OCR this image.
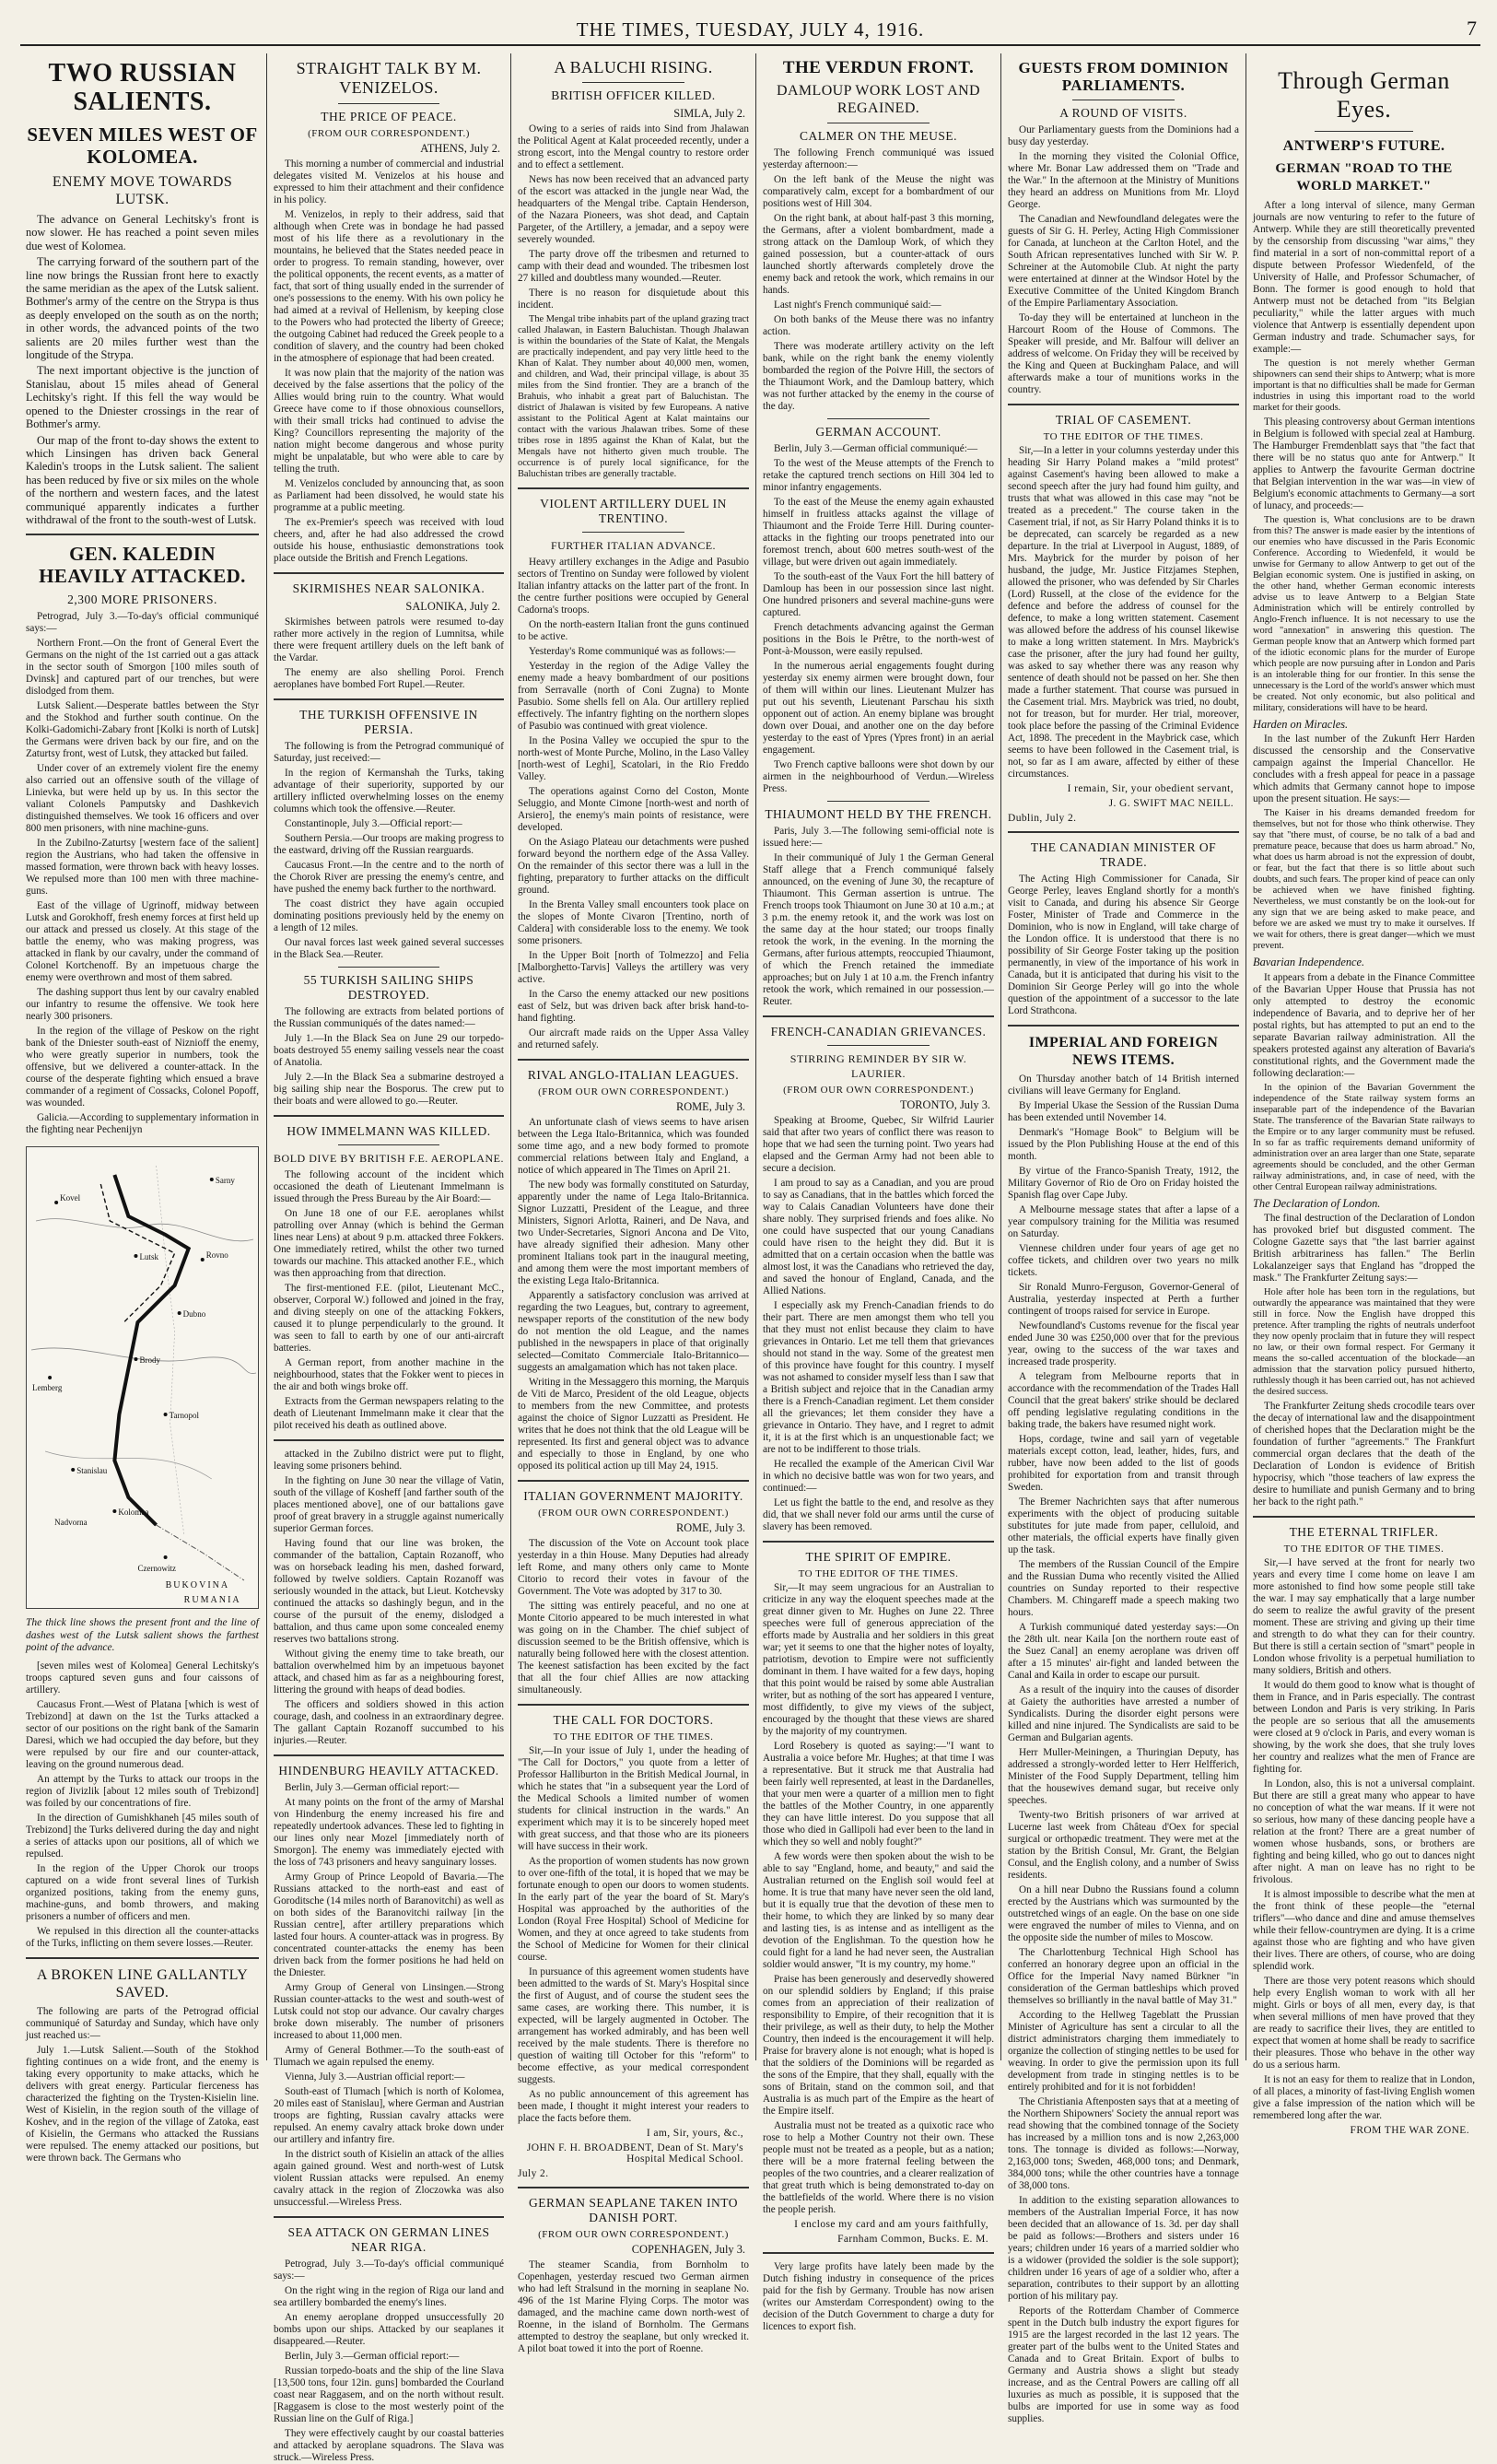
THE TIMES, TUESDAY, JULY 4, 1916.	7
TWO RUSSIAN SALIENTS.
SEVEN MILES WEST OF KOLOMEA.
ENEMY MOVE TOWARDS LUTSK.

The advance on General Lechitsky's front is now slower. He has reached a point seven miles due west of Kolomea.

The carrying forward of the southern part of the line now brings the Russian front here to exactly the same meridian as the apex of the Lutsk salient. Bothmer's army of the centre on the Strypa is thus as deeply enveloped on the south as on the north; in other words, the advanced points of the two salients are 20 miles further west than the longitude of the Strypa.

The next important objective is the junction of Stanislau, about 15 miles ahead of General Lechitsky's right. If this fell the way would be opened to the Dniester crossings in the rear of Bothmer's army.

Our map of the front to-day shows the extent to which Linsingen has driven back General Kaledin's troops in the Lutsk salient. The salient has been reduced by five or six miles on the whole of the northern and western faces, and the latest communiqué apparently indicates a further withdrawal of the front to the south-west of Lutsk.

GEN. KALEDIN HEAVILY ATTACKED.
2,300 MORE PRISONERS.

Petrograd, July 3.—To-day's official communiqué says:—

Northern Front.—On the front of General Evert the Germans on the night of the 1st carried out a gas attack in the sector south of Smorgon [100 miles south of Dvinsk] and captured part of our trenches, but were dislodged from them.

Lutsk Salient.—Desperate battles between the Styr and the Stokhod and further south continue. On the Kolki-Gadomichi-Zabary front [Kolki is north of Lutsk] the Germans were driven back by our fire, and on the Zaturtsy front, west of Lutsk, they attacked but failed.

Under cover of an extremely violent fire the enemy also carried out an offensive south of the village of Linievka, but were held up by us. In this sector the valiant Colonels Pamputsky and Dashkevich distinguished themselves. We took 16 officers and over 800 men prisoners, with nine machine-guns.

In the Zubilno-Zaturtsy [western face of the salient] region the Austrians, who had taken the offensive in massed formation, were thrown back with heavy losses. We repulsed more than 100 men with three machine-guns.

East of the village of Ugrinoff, midway between Lutsk and Gorokhoff, fresh enemy forces at first held up our attack and pressed us closely. At this stage of the battle the enemy, who was making progress, was attacked in flank by our cavalry, under the command of Colonel Kortchenoff. By an impetuous charge the enemy were overthrown and most of them sabred.

The dashing support thus lent by our cavalry enabled our infantry to resume the offensive. We took here nearly 300 prisoners.

In the region of the village of Peskow on the right bank of the Dniester south-east of Niznioff the enemy, who were greatly superior in numbers, took the offensive, but we delivered a counter-attack. In the course of the desperate fighting which ensued a brave commander of a regiment of Cossacks, Colonel Popoff, was wounded.

Galicia.—According to supplementary information in the fighting near Pechenijyn

Kovel
Lutsk	Rovno
Brody
Tarnopol
Lemberg
Stanislau
Kolomea
Czernowitz
BUKOVINA
RUMANIA
Dubno
Nadvorna
Sarny
The thick line shows the present front and the line of dashes west of the Lutsk salient shows the farthest point of the advance.

[seven miles west of Kolomea] General Lechitsky's troops captured seven guns and four caissons of artillery.

Caucasus Front.—West of Platana [which is west of Trebizond] at dawn on the 1st the Turks attacked a sector of our positions on the right bank of the Samarin Daresi, which we had occupied the day before, but they were repulsed by our fire and our counter-attack, leaving on the ground numerous dead.

An attempt by the Turks to attack our troops in the region of Jivizlik [about 12 miles south of Trebizond] was foiled by our concentrations of fire.

In the direction of Gumishkhaneh [45 miles south of Trebizond] the Turks delivered during the day and night a series of attacks upon our positions, all of which we repulsed.

In the region of the Upper Chorok our troops captured on a wide front several lines of Turkish organized positions, taking from the enemy guns, machine-guns, and bomb throwers, and making prisoners a number of officers and men.

We repulsed in this direction all the counter-attacks of the Turks, inflicting on them severe losses.—Reuter.

A BROKEN LINE GALLANTLY SAVED.

The following are parts of the Petrograd official communiqué of Saturday and Sunday, which have only just reached us:—

July 1.—Lutsk Salient.—South of the Stokhod fighting continues on a wide front, and the enemy is taking every opportunity to make attacks, which he delivers with great energy. Particular fierceness has characterized the fighting on the Trysten-Kisielin line. West of Kisielin, in the region south of the village of Koshev, and in the region of the village of Zatoka, east of Kisielin, the Germans who attacked the Russians were repulsed. The enemy attacked our positions, but were thrown back. The Germans who

STRAIGHT TALK BY M. VENIZELOS.
THE PRICE OF PEACE.
(FROM OUR CORRESPONDENT.)
ATHENS, July 2.

This morning a number of commercial and industrial delegates visited M. Venizelos at his house and expressed to him their attachment and their confidence in his policy.

M. Venizelos, in reply to their address, said that although when Crete was in bondage he had passed most of his life there as a revolutionary in the mountains, he believed that the States needed peace in order to progress. To remain standing, however, over the political opponents, the recent events, as a matter of fact, that sort of thing usually ended in the surrender of one's possessions to the enemy. With his own policy he had aimed at a revival of Hellenism, by keeping close to the Powers who had protected the liberty of Greece; the outgoing Cabinet had reduced the Greek people to a condition of slavery, and the country had been choked in the atmosphere of espionage that had been created.

It was now plain that the majority of the nation was deceived by the false assertions that the policy of the Allies would bring ruin to the country. What would Greece have come to if those obnoxious counsellors, with their small tricks had continued to advise the King? Councillors representing the majority of the nation might become dangerous and whose purity might be unpalatable, but who were able to care by telling the truth.

M. Venizelos concluded by announcing that, as soon as Parliament had been dissolved, he would state his programme at a public meeting.

The ex-Premier's speech was received with loud cheers, and, after he had also addressed the crowd outside his house, enthusiastic demonstrations took place outside the British and French Legations.

SKIRMISHES NEAR SALONIKA.
SALONIKA, July 2.

Skirmishes between patrols were resumed to-day rather more actively in the region of Lumnitsa, while there were frequent artillery duels on the left bank of the Vardar.

The enemy are also shelling Poroi. French aeroplanes have bombed Fort Rupel.—Reuter.

THE TURKISH OFFENSIVE IN PERSIA.

The following is from the Petrograd communiqué of Saturday, just received:—

In the region of Kermanshah the Turks, taking advantage of their superiority, supported by our artillery inflicted overwhelming losses on the enemy columns which took the offensive.—Reuter.

Constantinople, July 3.—Official report:—

Southern Persia.—Our troops are making progress to the eastward, driving off the Russian rearguards.

Caucasus Front.—In the centre and to the north of the Chorok River are pressing the enemy's centre, and have pushed the enemy back further to the northward.

The coast district they have again occupied dominating positions previously held by the enemy on a length of 12 miles.

Our naval forces last week gained several successes in the Black Sea.—Reuter.

55 TURKISH SAILING SHIPS DESTROYED.

The following are extracts from belated portions of the Russian communiqués of the dates named:—

July 1.—In the Black Sea on June 29 our torpedo-boats destroyed 55 enemy sailing vessels near the coast of Anatolia.

July 2.—In the Black Sea a submarine destroyed a big sailing ship near the Bosporus. The crew put to their boats and were allowed to go.—Reuter.

HOW IMMELMANN WAS KILLED.
BOLD DIVE BY BRITISH F.E. AEROPLANE.

The following account of the incident which occasioned the death of Lieutenant Immelmann is issued through the Press Bureau by the Air Board:—

On June 18 one of our F.E. aeroplanes whilst patrolling over Annay (which is behind the German lines near Lens) at about 9 p.m. attacked three Fokkers. One immediately retired, whilst the other two turned towards our machine. This attacked another F.E., which was then approaching from that direction.

The first-mentioned F.E. (pilot, Lieutenant McC., observer, Corporal W.) followed and joined in the fray, and diving steeply on one of the attacking Fokkers, caused it to plunge perpendicularly to the ground. It was seen to fall to earth by one of our anti-aircraft batteries.

A German report, from another machine in the neighbourhood, states that the Fokker went to pieces in the air and both wings broke off.

Extracts from the German newspapers relating to the death of Lieutenant Immelmann make it clear that the pilot received his death as outlined above.

attacked in the Zubilno district were put to flight, leaving some prisoners behind.

In the fighting on June 30 near the village of Vatin, south of the village of Kosheff [and farther south of the places mentioned above], one of our battalions gave proof of great bravery in a struggle against numerically superior German forces.

Having found that our line was broken, the commander of the battalion, Captain Rozanoff, who was on horseback leading his men, dashed forward, followed by twelve soldiers. Captain Rozanoff was seriously wounded in the attack, but Lieut. Kotchevsky continued the attacks so dashingly begun, and in the course of the pursuit of the enemy, dislodged a battalion, and thus came upon some concealed enemy reserves two battalions strong.

Without giving the enemy time to take breath, our battalion overwhelmed him by an impetuous bayonet attack, and chased him as far as a neighbouring forest, littering the ground with heaps of dead bodies.

The officers and soldiers showed in this action courage, dash, and coolness in an extraordinary degree. The gallant Captain Rozanoff succumbed to his injuries.—Reuter.

HINDENBURG HEAVILY ATTACKED.

Berlin, July 3.—German official report:—

At many points on the front of the army of Marshal von Hindenburg the enemy increased his fire and repeatedly undertook advances. These led to fighting in our lines only near Mozel [immediately north of Smorgon]. The enemy was immediately ejected with the loss of 743 prisoners and heavy sanguinary losses.

Army Group of Prince Leopold of Bavaria.—The Russians attacked to the north-east and east of Goroditsche (14 miles north of Baranovitchi) as well as on both sides of the Baranovitchi railway [in the Russian centre], after artillery preparations which lasted four hours. A counter-attack was in progress. By concentrated counter-attacks the enemy has been driven back from the former positions he had held on the Dniester.

Army Group of General von Linsingen.—Strong Russian counter-attacks to the west and south-west of Lutsk could not stop our advance. Our cavalry charges broke down miserably. The number of prisoners increased to about 11,000 men.

Army of General Bothmer.—To the south-east of Tlumach we again repulsed the enemy.

Vienna, July 3.—Austrian official report:—

South-east of Tlumach [which is north of Kolomea, 20 miles east of Stanislau], where German and Austrian troops are fighting, Russian cavalry attacks were repulsed. An enemy cavalry attack broke down under our artillery and infantry fire.

In the district south of Kisielin an attack of the allies again gained ground. West and north-west of Lutsk violent Russian attacks were repulsed. An enemy cavalry attack in the region of Zloczowka was also unsuccessful.—Wireless Press.

SEA ATTACK ON GERMAN LINES NEAR RIGA.

Petrograd, July 3.—To-day's official communiqué says:—

On the right wing in the region of Riga our land and sea artillery bombarded the enemy's lines.

An enemy aeroplane dropped unsuccessfully 20 bombs upon our ships. Attacked by our seaplanes it disappeared.—Reuter.

Berlin, July 3.—German official report:—

Russian torpedo-boats and the ship of the line Slava [13,500 tons, four 12in. guns] bombarded the Courland coast near Raggasem, and on the north without result. [Raggasem is close to the most westerly point of the Russian line on the Gulf of Riga.]

They were effectively caught by our coastal batteries and attacked by aeroplane squadrons. The Slava was struck.—Wireless Press.

A BALUCHI RISING.
BRITISH OFFICER KILLED.
SIMLA, July 2.

Owing to a series of raids into Sind from Jhalawan the Political Agent at Kalat proceeded recently, under a strong escort, into the Mengal country to restore order and to effect a settlement.

News has now been received that an advanced party of the escort was attacked in the jungle near Wad, the headquarters of the Mengal tribe. Captain Henderson, of the Nazara Pioneers, was shot dead, and Captain Pargeter, of the Artillery, a jemadar, and a sepoy were severely wounded.

The party drove off the tribesmen and returned to camp with their dead and wounded. The tribesmen lost 27 killed and doubtless many wounded.—Reuter.

There is no reason for disquietude about this incident.

The Mengal tribe inhabits part of the upland grazing tract called Jhalawan, in Eastern Baluchistan. Though Jhalawan is within the boundaries of the State of Kalat, the Mengals are practically independent, and pay very little heed to the Khan of Kalat. They number about 40,000 men, women, and children, and Wad, their principal village, is about 35 miles from the Sind frontier. They are a branch of the Brahuis, who inhabit a great part of Baluchistan. The district of Jhalawan is visited by few Europeans. A native assistant to the Political Agent at Kalat maintains our contact with the various Jhalawan tribes. Some of these tribes rose in 1895 against the Khan of Kalat, but the Mengals have not hitherto given much trouble. The occurrence is of purely local significance, for the Baluchistan tribes are generally tractable.

VIOLENT ARTILLERY DUEL IN TRENTINO.
FURTHER ITALIAN ADVANCE.

Heavy artillery exchanges in the Adige and Pasubio sectors of Trentino on Sunday were followed by violent Italian infantry attacks on the latter part of the front. In the centre further positions were occupied by General Cadorna's troops.

On the north-eastern Italian front the guns continued to be active.

Yesterday's Rome communiqué was as follows:—

Yesterday in the region of the Adige Valley the enemy made a heavy bombardment of our positions from Serravalle (north of Coni Zugna) to Monte Pasubio. Some shells fell on Ala. Our artillery replied effectively. The infantry fighting on the northern slopes of Pasubio was continued with great violence.

In the Posina Valley we occupied the spur to the north-west of Monte Purche, Molino, in the Laso Valley [north-west of Leghi], Scatolari, in the Rio Freddo Valley.

The operations against Corno del Coston, Monte Seluggio, and Monte Cimone [north-west and north of Arsiero], the enemy's main points of resistance, were developed.

On the Asiago Plateau our detachments were pushed forward beyond the northern edge of the Assa Valley. On the remainder of this sector there was a lull in the fighting, preparatory to further attacks on the difficult ground.

In the Brenta Valley small encounters took place on the slopes of Monte Civaron [Trentino, north of Caldera] with considerable loss to the enemy. We took some prisoners.

In the Upper Boit [north of Tolmezzo] and Felia [Malborghetto-Tarvis] Valleys the artillery was very active.

In the Carso the enemy attacked our new positions east of Selz, but was driven back after brisk hand-to-hand fighting.

Our aircraft made raids on the Upper Assa Valley and returned safely.

RIVAL ANGLO-ITALIAN LEAGUES.
(FROM OUR OWN CORRESPONDENT.)
ROME, July 3.

An unfortunate clash of views seems to have arisen between the Lega Italo-Britannica, which was founded some time ago, and a new body formed to promote commercial relations between Italy and England, a notice of which appeared in The Times on April 21.

The new body was formally constituted on Saturday, apparently under the name of Lega Italo-Britannica. Signor Luzzatti, President of the League, and three Ministers, Signori Arlotta, Raineri, and De Nava, and two Under-Secretaries, Signori Ancona and De Vito, have already signified their adhesion. Many other prominent Italians took part in the inaugural meeting, and among them were the most important members of the existing Lega Italo-Britannica.

Apparently a satisfactory conclusion was arrived at regarding the two Leagues, but, contrary to agreement, newspaper reports of the constitution of the new body do not mention the old League, and the names published in the newspapers in place of that originally selected—Comitato Commerciale Italo-Britannico—suggests an amalgamation which has not taken place.

Writing in the Messaggero this morning, the Marquis de Viti de Marco, President of the old League, objects to members from the new Committee, and protests against the choice of Signor Luzzatti as President. He writes that he does not think that the old League will be represented. Its first and general object was to advance and especially to those in England, by one who opposed its political action up till May 24, 1915.

ITALIAN GOVERNMENT MAJORITY.
(FROM OUR OWN CORRESPONDENT.)
ROME, July 3.

The discussion of the Vote on Account took place yesterday in a thin House. Many Deputies had already left Rome, and many others only came to Monte Citorio to record their votes in favour of the Government. The Vote was adopted by 317 to 30.

The sitting was entirely peaceful, and no one at Monte Citorio appeared to be much interested in what was going on in the Chamber. The chief subject of discussion seemed to be the British offensive, which is naturally being followed here with the closest attention. The keenest satisfaction has been excited by the fact that all the four chief Allies are now attacking simultaneously.

THE CALL FOR DOCTORS.
TO THE EDITOR OF THE TIMES.

Sir,—In your issue of July 1, under the heading of "The Call for Doctors," you quote from a letter of Professor Halliburton in the British Medical Journal, in which he states that "in a subsequent year the Lord of the Medical Schools a limited number of women students for clinical instruction in the wards." An experiment which may it is to be sincerely hoped meet with great success, and that those who are its pioneers will have success in their work.

As the proportion of women students has now grown to over one-fifth of the total, it is hoped that we may be fortunate enough to open our doors to women students. In the early part of the year the board of St. Mary's Hospital was approached by the authorities of the London (Royal Free Hospital) School of Medicine for Women, and they at once agreed to take students from the School of Medicine for Women for their clinical course.

In pursuance of this agreement women students have been admitted to the wards of St. Mary's Hospital since the first of August, and of course the student sees the same cases, are working there. This number, it is expected, will be largely augmented in October. The arrangement has worked admirably, and has been well received by the male students. There is therefore no question of waiting till October for this "reform" to become effective, as your medical correspondent suggests.

As no public announcement of this agreement has been made, I thought it might interest your readers to place the facts before them.

I am, Sir, yours, &c.,
JOHN F. H. BROADBENT, Dean of St. Mary's Hospital Medical School.
July 2.
GERMAN SEAPLANE TAKEN INTO DANISH PORT.
(FROM OUR OWN CORRESPONDENT.)
COPENHAGEN, July 3.

The steamer Scandia, from Bornholm to Copenhagen, yesterday rescued two German airmen who had left Stralsund in the morning in seaplane No. 496 of the 1st Marine Flying Corps. The motor was damaged, and the machine came down north-west of Roenne, in the island of Bornholm. The Germans attempted to destroy the seaplane, but only wrecked it. A pilot boat towed it into the port of Roenne.

THE VERDUN FRONT.
DAMLOUP WORK LOST AND REGAINED.
CALMER ON THE MEUSE.

The following French communiqué was issued yesterday afternoon:—

On the left bank of the Meuse the night was comparatively calm, except for a bombardment of our positions west of Hill 304.

On the right bank, at about half-past 3 this morning, the Germans, after a violent bombardment, made a strong attack on the Damloup Work, of which they gained possession, but a counter-attack of ours launched shortly afterwards completely drove the enemy back and retook the work, which remains in our hands.

Last night's French communiqué said:—

On both banks of the Meuse there was no infantry action.

There was moderate artillery activity on the left bank, while on the right bank the enemy violently bombarded the region of the Poivre Hill, the sectors of the Thiaumont Work, and the Damloup battery, which was not further attacked by the enemy in the course of the day.

GERMAN ACCOUNT.

Berlin, July 3.—German official communiqué:—

To the west of the Meuse attempts of the French to retake the captured trench sections on Hill 304 led to minor infantry engagements.

To the east of the Meuse the enemy again exhausted himself in fruitless attacks against the village of Thiaumont and the Froide Terre Hill. During counter-attacks in the fighting our troops penetrated into our foremost trench, about 600 metres south-west of the village, but were driven out again immediately.

To the south-east of the Vaux Fort the hill battery of Damloup has been in our possession since last night. One hundred prisoners and several machine-guns were captured.

French detachments advancing against the German positions in the Bois le Prêtre, to the north-west of Pont-à-Mousson, were easily repulsed.

In the numerous aerial engagements fought during yesterday six enemy airmen were brought down, four of them will within our lines. Lieutenant Mulzer has put out his seventh, Lieutenant Parschau his sixth opponent out of action. An enemy biplane was brought down over Douai, and another one on the day before yesterday to the east of Ypres (Ypres front) in an aerial engagement.

Two French captive balloons were shot down by our airmen in the neighbourhood of Verdun.—Wireless Press.

THIAUMONT HELD BY THE FRENCH.

Paris, July 3.—The following semi-official note is issued here:—

In their communiqué of July 1 the German General Staff allege that a French communiqué falsely announced, on the evening of June 30, the recapture of Thiaumont. This German assertion is untrue. The French troops took Thiaumont on June 30 at 10 a.m.; at 3 p.m. the enemy retook it, and the work was lost on the same day at the hour stated; our troops finally retook the work, in the evening. In the morning the Germans, after furious attempts, reoccupied Thiaumont, of which the French retained the immediate approaches; but on July 1 at 10 a.m. the French infantry retook the work, which remained in our possession.—Reuter.

FRENCH-CANADIAN GRIEVANCES.
STIRRING REMINDER BY SIR W. LAURIER.
(FROM OUR OWN CORRESPONDENT.)
TORONTO, July 3.

Speaking at Broome, Quebec, Sir Wilfrid Laurier said that after two years of conflict there was reason to hope that we had seen the turning point. Two years had elapsed and the German Army had not been able to secure a decision.

I am proud to say as a Canadian, and you are proud to say as Canadians, that in the battles which forced the way to Calais Canadian Volunteers have done their share nobly. They surprised friends and foes alike. No one could have suspected that our young Canadians could have risen to the height they did. But it is admitted that on a certain occasion when the battle was almost lost, it was the Canadians who retrieved the day, and saved the honour of England, Canada, and the Allied Nations.

I especially ask my French-Canadian friends to do their part. There are men amongst them who tell you that they must not enlist because they claim to have grievances in Ontario. Let me tell them that grievances should not stand in the way. Some of the greatest men of this province have fought for this country. I myself was not ashamed to consider myself less than I saw that a British subject and rejoice that in the Canadian army there is a French-Canadian regiment. Let them consider all the grievances; let them consider they have a grievance in Ontario. They have, and I regret to admit it, it is at the first which is an unquestionable fact; we are not to be indifferent to those trials.

He recalled the example of the American Civil War in which no decisive battle was won for two years, and continued:—

Let us fight the battle to the end, and resolve as they did, that we shall never fold our arms until the curse of slavery has been removed.

THE SPIRIT OF EMPIRE.
TO THE EDITOR OF THE TIMES.

Sir,—It may seem ungracious for an Australian to criticize in any way the eloquent speeches made at the great dinner given to Mr. Hughes on June 22. Three speeches were full of generous appreciation of the efforts made by Australia and her soldiers in this great war; yet it seems to one that the higher notes of loyalty, patriotism, devotion to Empire were not sufficiently dominant in them. I have waited for a few days, hoping that this point would be raised by some able Australian writer, but as nothing of the sort has appeared I venture, most diffidently, to give my views of the subject, encouraged by the thought that these views are shared by the majority of my countrymen.

Lord Rosebery is quoted as saying:—"I want to Australia a voice before Mr. Hughes; at that time I was a representative. But it struck me that Australia had been fairly well represented, at least in the Dardanelles, that your men were a quarter of a million men to fight the battles of the Mother Country, in one apparently they can have little interest. Do you suppose that all those who died in Gallipoli had ever been to the land in which they so well and nobly fought?"

A few words were then spoken about the wish to be able to say "England, home, and beauty," and said the Australian returned on the English soil would feel at home. It is true that many have never seen the old land, but it is equally true that the devotion of these men to their home, to which they are linked by so many dear and lasting ties, is as intense and as intelligent as the devotion of the Englishman. To the question how he could fight for a land he had never seen, the Australian soldier would answer, "It is my country, my home."

Praise has been generously and deservedly showered on our splendid soldiers by England; if this praise comes from an appreciation of their realization of responsibility to Empire, of their recognition that it is their privilege, as well as their duty, to help the Mother Country, then indeed is the encouragement it will help. Praise for bravery alone is not enough; what is hoped is that the soldiers of the Dominions will be regarded as the sons of the Empire, that they shall, equally with the sons of Britain, stand on the common soil, and that Australia is as much part of the Empire as the heart of the Empire itself.

Australia must not be treated as a quixotic race who rose to help a Mother Country not their own. These people must not be treated as a people, but as a nation; there will be a more fraternal feeling between the peoples of the two countries, and a clearer realization of that great truth which is being demonstrated to-day on the battlefields of the world. Where there is no vision the people perish.

I enclose my card and am yours faithfully,
Farnham Common, Bucks. E. M.

Very large profits have lately been made by the Dutch fishing industry in consequence of the prices paid for the fish by Germany. Trouble has now arisen (writes our Amsterdam Correspondent) owing to the decision of the Dutch Government to charge a duty for licences to export fish.

GUESTS FROM DOMINION PARLIAMENTS.
A ROUND OF VISITS.

Our Parliamentary guests from the Dominions had a busy day yesterday.

In the morning they visited the Colonial Office, where Mr. Bonar Law addressed them on "Trade and the War." In the afternoon at the Ministry of Munitions they heard an address on Munitions from Mr. Lloyd George.

The Canadian and Newfoundland delegates were the guests of Sir G. H. Perley, Acting High Commissioner for Canada, at luncheon at the Carlton Hotel, and the South African representatives lunched with Sir W. P. Schreiner at the Automobile Club. At night the party were entertained at dinner at the Windsor Hotel by the Executive Committee of the United Kingdom Branch of the Empire Parliamentary Association.

To-day they will be entertained at luncheon in the Harcourt Room of the House of Commons. The Speaker will preside, and Mr. Balfour will deliver an address of welcome. On Friday they will be received by the King and Queen at Buckingham Palace, and will afterwards make a tour of munitions works in the country.

TRIAL OF CASEMENT.
TO THE EDITOR OF THE TIMES.

Sir,—In a letter in your columns yesterday under this heading Sir Harry Poland makes a "mild protest" against Casement's having been allowed to make a second speech after the jury had found him guilty, and trusts that what was allowed in this case may "not be treated as a precedent." The course taken in the Casement trial, if not, as Sir Harry Poland thinks it is to be deprecated, can scarcely be regarded as a new departure. In the trial at Liverpool in August, 1889, of Mrs. Maybrick for the murder by poison of her husband, the judge, Mr. Justice Fitzjames Stephen, allowed the prisoner, who was defended by Sir Charles (Lord) Russell, at the close of the evidence for the defence and before the address of counsel for the defence, to make a long written statement. Casement was allowed before the address of his counsel likewise to make a long written statement. In Mrs. Maybrick's case the prisoner, after the jury had found her guilty, was asked to say whether there was any reason why sentence of death should not be passed on her. She then made a further statement. That course was pursued in the Casement trial. Mrs. Maybrick was tried, no doubt, not for treason, but for murder. Her trial, moreover, took place before the passing of the Criminal Evidence Act, 1898. The precedent in the Maybrick case, which seems to have been followed in the Casement trial, is not, so far as I am aware, affected by either of these circumstances.

I remain, Sir, your obedient servant,
J. G. SWIFT MAC NEILL.
Dublin, July 2.
THE CANADIAN MINISTER OF TRADE.

The Acting High Commissioner for Canada, Sir George Perley, leaves England shortly for a month's visit to Canada, and during his absence Sir George Foster, Minister of Trade and Commerce in the Dominion, who is now in England, will take charge of the London office. It is understood that there is no possibility of Sir George Foster taking up the position permanently, in view of the importance of his work in Canada, but it is anticipated that during his visit to the Dominion Sir George Perley will go into the whole question of the appointment of a successor to the late Lord Strathcona.

IMPERIAL AND FOREIGN NEWS ITEMS.

On Thursday another batch of 14 British interned civilians will leave Germany for England.

By Imperial Ukase the Session of the Russian Duma has been extended until November 14.

Denmark's "Homage Book" to Belgium will be issued by the Plon Publishing House at the end of this month.

By virtue of the Franco-Spanish Treaty, 1912, the Military Governor of Rio de Oro on Friday hoisted the Spanish flag over Cape Juby.

A Melbourne message states that after a lapse of a year compulsory training for the Militia was resumed on Saturday.

Viennese children under four years of age get no coffee tickets, and children over two years no milk tickets.

Sir Ronald Munro-Ferguson, Governor-General of Australia, yesterday inspected at Perth a further contingent of troops raised for service in Europe.

Newfoundland's Customs revenue for the fiscal year ended June 30 was £250,000 over that for the previous year, owing to the success of the war taxes and increased trade prosperity.

A telegram from Melbourne reports that in accordance with the recommendation of the Trades Hall Council that the great bakers' strike should be declared off pending legislative regulating conditions in the baking trade, the bakers have resumed night work.

Hops, cordage, twine and sail yarn of vegetable materials except cotton, lead, leather, hides, furs, and rubber, have now been added to the list of goods prohibited for exportation from and transit through Sweden.

The Bremer Nachrichten says that after numerous experiments with the object of producing suitable substitutes for jute made from paper, celluloid, and other materials, the official experts have finally given up the task.

The members of the Russian Council of the Empire and the Russian Duma who recently visited the Allied countries on Sunday reported to their respective Chambers. M. Chingareff made a speech making two hours.

A Turkish communiqué dated yesterday says:—On the 28th ult. near Kaila [on the northern route east of the Suez Canal] an enemy aeroplane was driven off after a 15 minutes' air-fight and landed between the Canal and Kaila in order to escape our pursuit.

As a result of the inquiry into the causes of disorder at Gaiety the authorities have arrested a number of Syndicalists. During the disorder eight persons were killed and nine injured. The Syndicalists are said to be German and Bulgarian agents.

Herr Muller-Meiningen, a Thuringian Deputy, has addressed a strongly-worded letter to Herr Helfferich, Minister of the Food Supply Department, telling him that the housewives demand sugar, but receive only speeches.

Twenty-two British prisoners of war arrived at Lucerne last week from Château d'Oex for special surgical or orthopædic treatment. They were met at the station by the British Consul, Mr. Grant, the Belgian Consul, and the English colony, and a number of Swiss residents.

On a hill near Dubno the Russians found a column erected by the Austrians which was surmounted by the outstretched wings of an eagle. On the base on one side were engraved the number of miles to Vienna, and on the opposite side the number of miles to Moscow.

The Charlottenburg Technical High School has conferred an honorary degree upon an official in the Office for the Imperial Navy named Bürkner "in consideration of the German battleships which proved themselves so brilliantly in the naval battle of May 31."

According to the Hellweg Tageblatt the Prussian Minister of Agriculture has sent a circular to all the district administrators charging them immediately to organize the collection of stinging nettles to be used for weaving. In order to give the permission upon its full development from trade in stinging nettles is to be entirely prohibited and for it is not forbidden!

The Christiania Aftenposten says that at a meeting of the Northern Shipowners' Society the annual report was read showing that the combined tonnage of the Society has increased by a million tons and is now 2,263,000 tons. The tonnage is divided as follows:—Norway, 2,163,000 tons; Sweden, 468,000 tons; and Denmark, 384,000 tons; while the other countries have a tonnage of 38,000 tons.

In addition to the existing separation allowances to members of the Australian Imperial Force, it has now been decided that an allowance of 1s. 3d. per day shall be paid as follows:—Brothers and sisters under 16 years; children under 16 years of a married soldier who is a widower (provided the soldier is the sole support); children under 16 years of age of a soldier who, after a separation, contributes to their support by an allotting portion of his military pay.

Reports of the Rotterdam Chamber of Commerce spent in the Dutch bulb industry the export figures for 1915 are the largest recorded in the last 12 years. The greater part of the bulbs went to the United States and Canada and to Great Britain. Export of bulbs to Germany and Austria shows a slight but steady increase, and as the Central Powers are calling off all luxuries as much as possible, it is supposed that the bulbs are imported for use in some way as food supplies.

Through German Eyes.
ANTWERP'S FUTURE.
GERMAN "ROAD TO THE WORLD MARKET."

After a long interval of silence, many German journals are now venturing to refer to the future of Antwerp. While they are still theoretically prevented by the censorship from discussing "war aims," they find material in a sort of non-committal report of a dispute between Professor Wiedenfeld, of the University of Halle, and Professor Schumacher, of Bonn. The former is good enough to hold that Antwerp must not be detached from "its Belgian peculiarity," while the latter argues with much violence that Antwerp is essentially dependent upon German industry and trade. Schumacher says, for example:—

The question is not merely whether German shipowners can send their ships to Antwerp; what is more important is that no difficulties shall be made for German industries in using this important road to the world market for their goods.

This pleasing controversy about German intentions in Belgium is followed with special zeal at Hamburg. The Hamburger Fremdenblatt says that "the fact that there will be no status quo ante for Antwerp." It applies to Antwerp the favourite German doctrine that Belgian intervention in the war was—in view of Belgium's economic attachments to Germany—a sort of lunacy, and proceeds:—

The question is, What conclusions are to be drawn from this? The answer is made easier by the intentions of our enemies who have discussed in the Paris Economic Conference. According to Wiedenfeld, it would be unwise for Germany to allow Antwerp to get out of the Belgian economic system. One is justified in asking, on the other hand, whether German economic interests advise us to leave Antwerp to a Belgian State Administration which will be entirely controlled by Anglo-French influence. It is not necessary to use the word "annexation" in answering this question. The German people know that an Antwerp which formed part of the idiotic economic plans for the murder of Europe which people are now pursuing after in London and Paris is an intolerable thing for our frontier. In this sense the unnecessary is the Lord of the world's answer which must be created. Not only economic, but also political and military, considerations will have to be heard.

Harden on Miracles.

In the last number of the Zukunft Herr Harden discussed the censorship and the Conservative campaign against the Imperial Chancellor. He concludes with a fresh appeal for peace in a passage which admits that Germany cannot hope to impose upon the present situation. He says:—

The Kaiser in his dreams demanded freedom for themselves, but not for those who think otherwise. They say that "there must, of course, be no talk of a bad and premature peace, because that does us harm abroad." No, what does us harm abroad is not the expression of doubt, or fear, but the fact that there is so little about such doubts, and such fears. The proper kind of peace can only be achieved when we have finished fighting. Nevertheless, we must constantly be on the look-out for any sign that we are being asked to make peace, and before we are asked we must try to make it ourselves. If we wait for others, there is great danger—which we must prevent.

Bavarian Independence.

It appears from a debate in the Finance Committee of the Bavarian Upper House that Prussia has not only attempted to destroy the economic independence of Bavaria, and to deprive her of her postal rights, but has attempted to put an end to the separate Bavarian railway administration. All the speakers protested against any alteration of Bavaria's constitutional rights, and the Government made the following declaration:—

In the opinion of the Bavarian Government the independence of the State railway system forms an inseparable part of the independence of the Bavarian State. The transference of the Bavarian State railways to the Empire or to any larger community must be refused. In so far as traffic requirements demand uniformity of administration over an area larger than one State, separate agreements should be concluded, and the other German railway administrations, and, in case of need, with the other Central European railway administrations.

The Declaration of London.

The final destruction of the Declaration of London has provoked brief but disgusted comment. The Cologne Gazette says that "the last barrier against British arbitrariness has fallen." The Berlin Lokalanzeiger says that England has "dropped the mask." The Frankfurter Zeitung says:—

Hole after hole has been torn in the regulations, but outwardly the appearance was maintained that they were still in force. Now the English have dropped this pretence. After trampling the rights of neutrals underfoot they now openly proclaim that in future they will respect no law, or their own formal respect. For Germany it means the so-called accentuation of the blockade—an admission that the starvation policy pursued hitherto, ruthlessly though it has been carried out, has not achieved the desired success.

The Frankfurter Zeitung sheds crocodile tears over the decay of international law and the disappointment of cherished hopes that the Declaration might be the foundation of further "agreements." The Frankfurt commercial organ declares that the death of the Declaration of London is evidence of British hypocrisy, which "those teachers of law express the desire to humiliate and punish Germany and to bring her back to the right path."

THE ETERNAL TRIFLER.
TO THE EDITOR OF THE TIMES.

Sir,—I have served at the front for nearly two years and every time I come home on leave I am more astonished to find how some people still take the war. I may say emphatically that a large number do seem to realize the awful gravity of the present moment. These are striving and giving up their time and strength to do what they can for their country. But there is still a certain section of "smart" people in London whose frivolity is a perpetual humiliation to many soldiers, British and others.

It would do them good to know what is thought of them in France, and in Paris especially. The contrast between London and Paris is very striking. In Paris the people are so serious that all the amusements were closed at 9 o'clock in Paris, and every woman is showing, by the work she does, that she truly loves her country and realizes what the men of France are fighting for.

In London, also, this is not a universal complaint. But there are still a great many who appear to have no conception of what the war means. If it were not so serious, how many of these dancing people have a relation at the front? There are a great number of women whose husbands, sons, or brothers are fighting and being killed, who go out to dances night after night. A man on leave has no right to be frivolous.

It is almost impossible to describe what the men at the front think of these people—the "eternal triflers"—who dance and dine and amuse themselves while their fellow-countrymen are dying. It is a crime against those who are fighting and who have given their lives. There are others, of course, who are doing splendid work.

There are those very potent reasons which should help every English woman to work with all her might. Girls or boys of all men, every day, is that when several millions of men have proved that they are ready to sacrifice their lives, they are entitled to expect that women at home shall be ready to sacrifice their pleasures. Those who behave in the other way do us a serious harm.

It is not an easy for them to realize that in London, of all places, a minority of fast-living English women give a false impression of the nation which will be remembered long after the war.

FROM THE WAR ZONE.
